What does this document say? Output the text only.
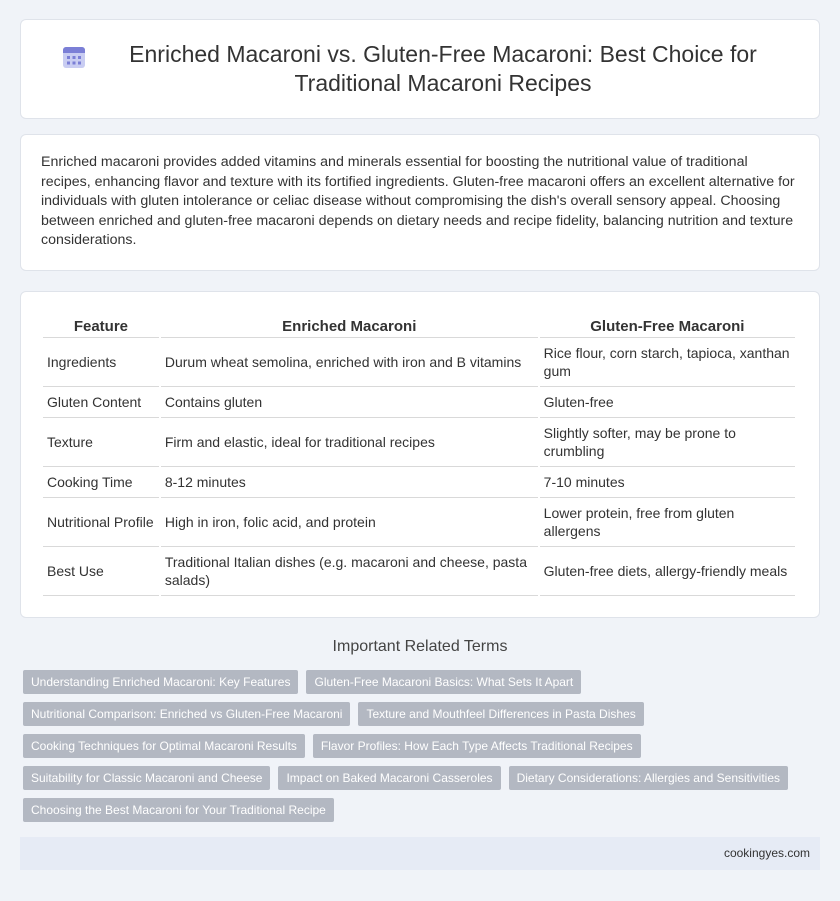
Enriched Macaroni vs. Gluten-Free Macaroni: Best Choice for Traditional Macaroni Recipes

Enriched macaroni provides added vitamins and minerals essential for boosting the nutritional value of traditional recipes, enhancing flavor and texture with its fortified ingredients. Gluten-free macaroni offers an excellent alternative for individuals with gluten intolerance or celiac disease without compromising the dish's overall sensory appeal. Choosing between enriched and gluten-free macaroni depends on dietary needs and recipe fidelity, balancing nutrition and texture considerations.

Feature	Enriched Macaroni	Gluten-Free Macaroni
Ingredients	Durum wheat semolina, enriched with iron and B vitamins	Rice flour, corn starch, tapioca, xanthan gum
Gluten Content	Contains gluten	Gluten-free
Texture	Firm and elastic, ideal for traditional recipes	Slightly softer, may be prone to crumbling
Cooking Time	8-12 minutes	7-10 minutes
Nutritional Profile	High in iron, folic acid, and protein	Lower protein, free from gluten allergens
Best Use	Traditional Italian dishes (e.g. macaroni and cheese, pasta salads)	Gluten-free diets, allergy-friendly meals
Important Related Terms
Understanding Enriched Macaroni: Key Features	Gluten-Free Macaroni Basics: What Sets It Apart
Nutritional Comparison: Enriched vs Gluten-Free Macaroni	Texture and Mouthfeel Differences in Pasta Dishes
Cooking Techniques for Optimal Macaroni Results	Flavor Profiles: How Each Type Affects Traditional Recipes
Suitability for Classic Macaroni and Cheese	Impact on Baked Macaroni Casseroles	Dietary Considerations: Allergies and Sensitivities
Choosing the Best Macaroni for Your Traditional Recipe
cookingyes.com
